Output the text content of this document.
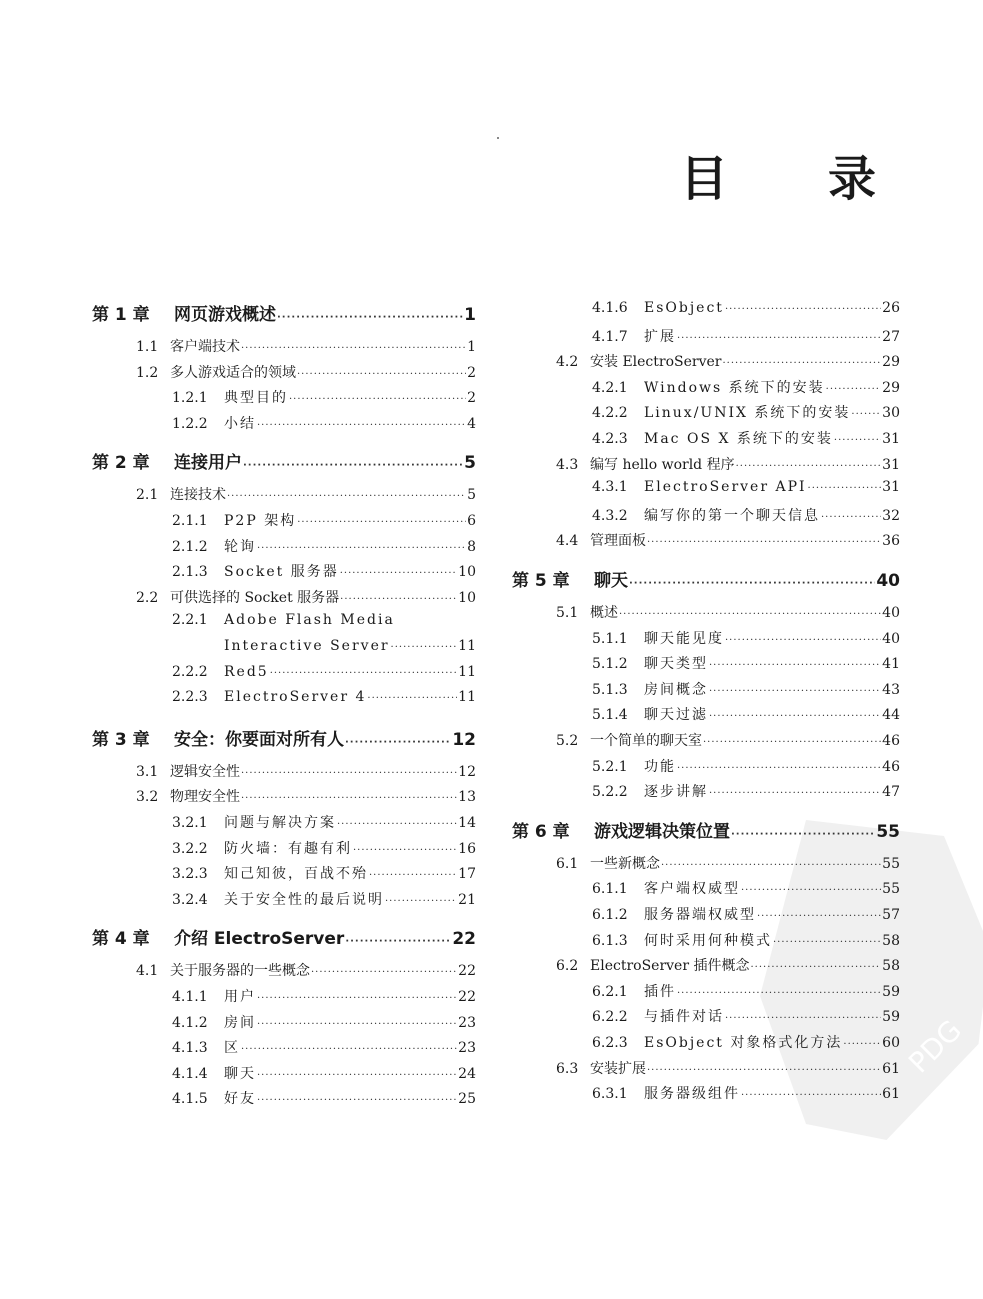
PDG
目 录
第 1 章	网页游戏概述 ·····	1
1.1 客户端技术 ·····	1
1.2 多人游戏适合的领域 ·····	2
1.2.1	典型目的 ·····	2
1.2.2	小结 ·····	4
第 2 章	连接用户 ·····	5
2.1 连接技术 ·····	5
2.1.1	P2P 架构 ·····	6
2.1.2	轮询 ·····	8
2.1.3	Socket 服务器 ·····	10
2.2 可供选择的 Socket 服务器 ·····	10
2.2.1	Adobe Flash Media
Interactive Server ·····	11
2.2.2	Red5 ·····	11
2.2.3	ElectroServer 4 ·····	11
第 3 章	安全：你要面对所有人 ·····	12
3.1 逻辑安全性 ·····	12
3.2 物理安全性 ·····	13
3.2.1	问题与解决方案 ·····	14
3.2.2	防火墙：有趣有利 ·····	16
3.2.3	知己知彼，百战不殆 ·····	17
3.2.4	关于安全性的最后说明 ·····	21
第 4 章	介绍 ElectroServer ·····	22
4.1 关于服务器的一些概念 ·····	22
4.1.1	用户 ·····	22
4.1.2	房间 ·····	23
4.1.3	区 ·····	23
4.1.4	聊天 ·····	24
4.1.5	好友 ·····	25
4.1.6	EsObject ·····	26
4.1.7	扩展 ·····	27
4.2 安装 ElectroServer ·····	29
4.2.1	Windows 系统下的安装 ·····	29
4.2.2	Linux/UNIX 系统下的安装 ····· 30
4.2.3	Mac OS X 系统下的安装 ·····	31
4.3 编写 hello world 程序 ·····	31
4.3.1	ElectroServer API ·····	31
4.3.2	编写你的第一个聊天信息 ·····	32
4.4 管理面板 ·····	36
第 5 章	聊天 ·····	40
5.1 概述 ·····	40
5.1.1	聊天能见度 ·····	40
5.1.2	聊天类型 ·····	41
5.1.3	房间概念 ·····	43
5.1.4	聊天过滤 ·····	44
5.2 一个简单的聊天室 ·····	46
5.2.1	功能 ·····	46
5.2.2	逐步讲解 ·····	47
第 6 章	游戏逻辑决策位置 ·····	55
6.1 一些新概念 ·····	55
6.1.1	客户端权威型 ·····	55
6.1.2	服务器端权威型 ·····	57
6.1.3	何时采用何种模式 ·····	58
6.2 ElectroServer 插件概念 ·····	58
6.2.1	插件 ·····	59
6.2.2	与插件对话 ·····	59
6.2.3	EsObject 对象格式化方法 ·····	60
6.3 安装扩展 ·····	61
6.3.1	服务器级组件 ·····	61
